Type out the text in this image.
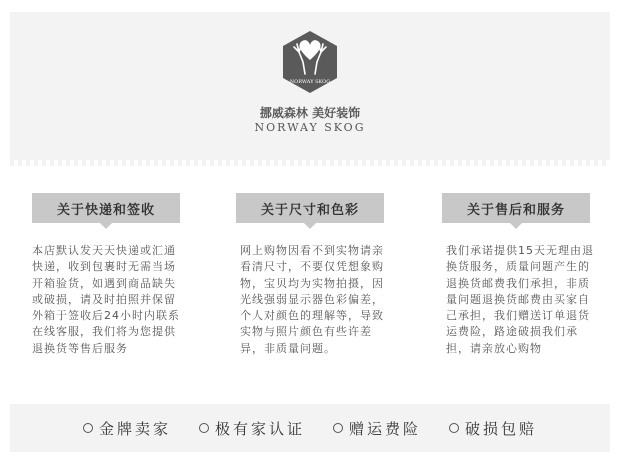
NORWAY SKOG
挪威森林 美好装饰
NORWAY SKOG
关于快递和签收
本店默认发天天快递或汇通快递，收到包裹时无需当场开箱验货，如遇到商品缺失或破损，请及时拍照并保留外箱于签收后24小时内联系在线客服，我们将为您提供退换货等售后服务
关于尺寸和色彩
网上购物因看不到实物请亲看清尺寸，不要仅凭想象购物，宝贝均为实物拍摄，因光线强弱显示器色彩偏差，个人对颜色的理解等，导致实物与照片颜色有些许差异，非质量问题。
关于售后和服务
我们承诺提供15天无理由退换货服务，质量问题产生的退换货邮费我们承担，非质量问题退换货邮费由买家自己承担，我们赠送订单退货运费险，路途破损我们承担，请亲放心购物
金牌卖家	极有家认证	赠运费险	破损包赔
